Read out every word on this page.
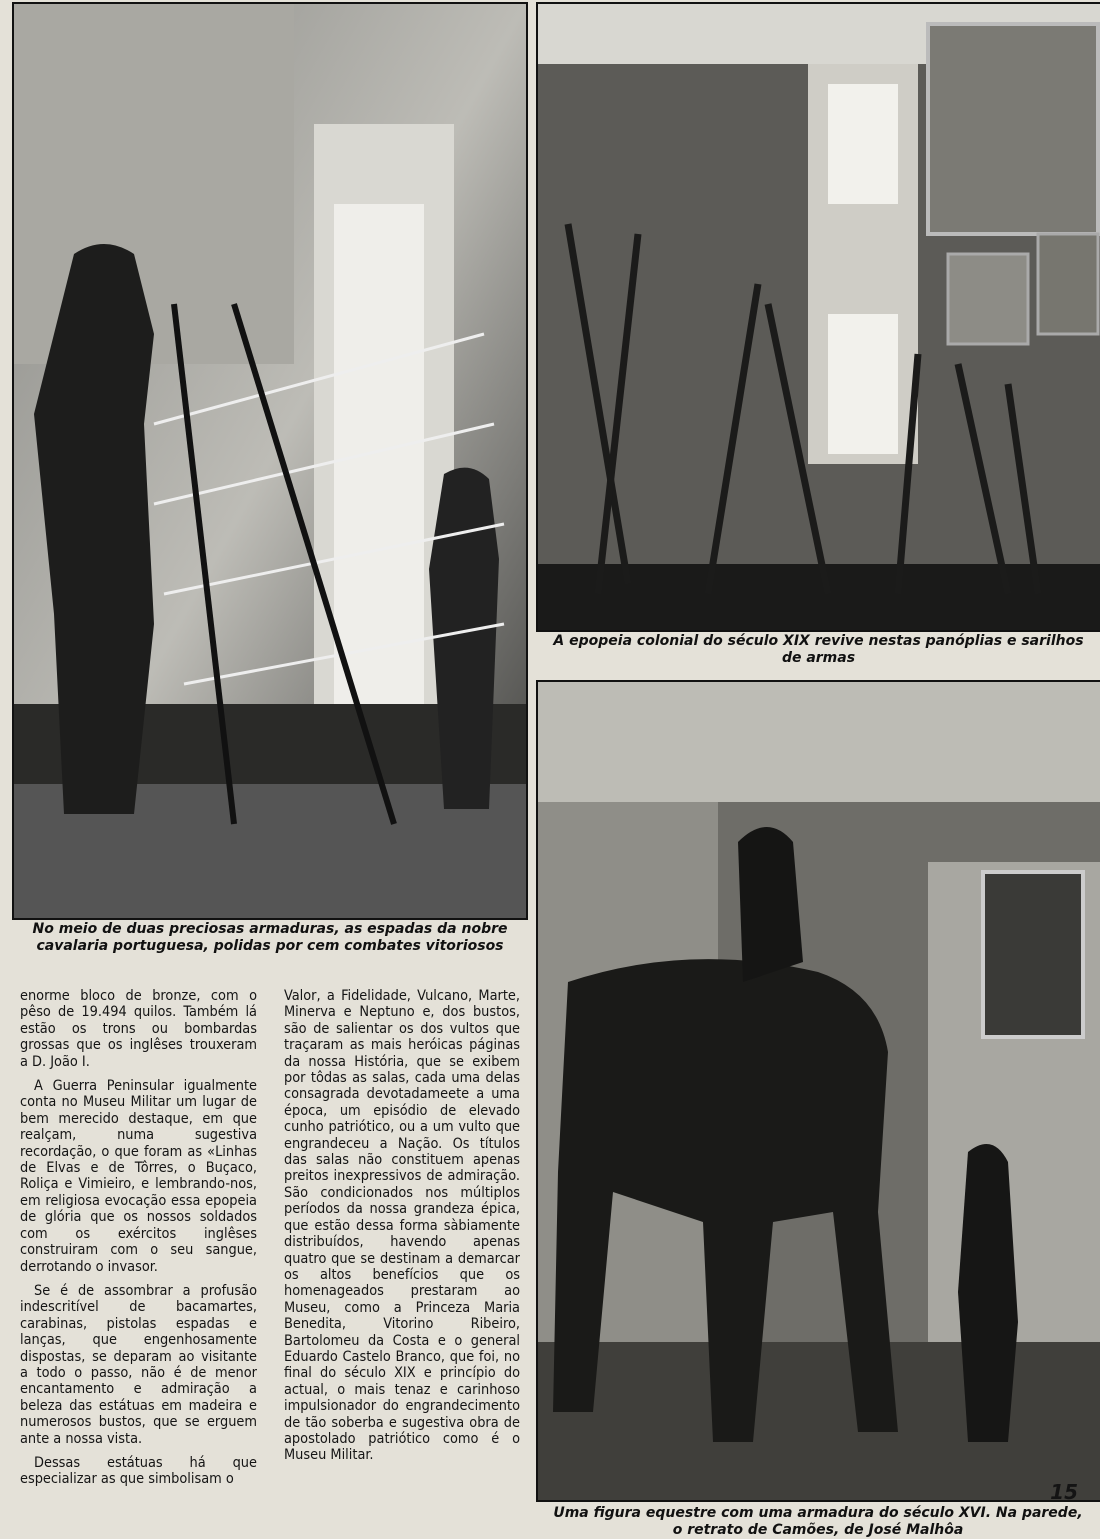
No meio de duas preciosas armaduras, as espadas da nobre cavalaria portuguesa, polidas por cem combates vitoriosos
A epopeia colonial do século XIX revive nestas panóplias e sarilhos de armas
Uma figura equestre com uma armadura do século XVI. Na parede, o retrato de Camões, de José Malhôa

enorme bloco de bronze, com o pêso de 19.494 quilos. Também lá estão os trons ou bombardas grossas que os inglêses trouxeram a D. João I.

A Guerra Peninsular igualmente conta no Museu Militar um lugar de bem merecido destaque, em que realçam, numa sugestiva recordação, o que foram as «Linhas de Elvas e de Tôrres, o Buçaco, Roliça e Vimieiro, e lembrando-nos, em religiosa evocação essa epopeia de glória que os nossos soldados com os exércitos inglêses construiram com o seu sangue, derrotando o invasor.

Se é de assombrar a profusão indescritível de bacamartes, carabinas, pistolas espadas e lanças, que engenhosamente dispostas, se deparam ao visitante a todo o passo, não é de menor encantamento e admiração a beleza das estátuas em madeira e numerosos bustos, que se erguem ante a nossa vista.

Dessas estátuas há que especializar as que simbolisam o

Valor, a Fidelidade, Vulcano, Marte, Minerva e Neptuno e, dos bustos, são de salientar os dos vultos que traçaram as mais heróicas páginas da nossa História, que se exibem por tôdas as salas, cada uma delas consagrada devotadameete a uma época, um episódio de elevado cunho patriótico, ou a um vulto que engrandeceu a Nação. Os títulos das salas não constituem apenas preitos inexpressivos de admiração. São condicionados nos múltiplos períodos da nossa grandeza épica, que estão dessa forma sàbiamente distribuídos, havendo apenas quatro que se destinam a demarcar os altos benefícios que os homenageados prestaram ao Museu, como a Princeza Maria Benedita, Vitorino Ribeiro, Bartolomeu da Costa e o general Eduardo Castelo Branco, que foi, no final do século XIX e princípio do actual, o mais tenaz e carinhoso impulsionador do engrandecimento de tão soberba e sugestiva obra de apostolado patriótico como é o Museu Militar.

15
